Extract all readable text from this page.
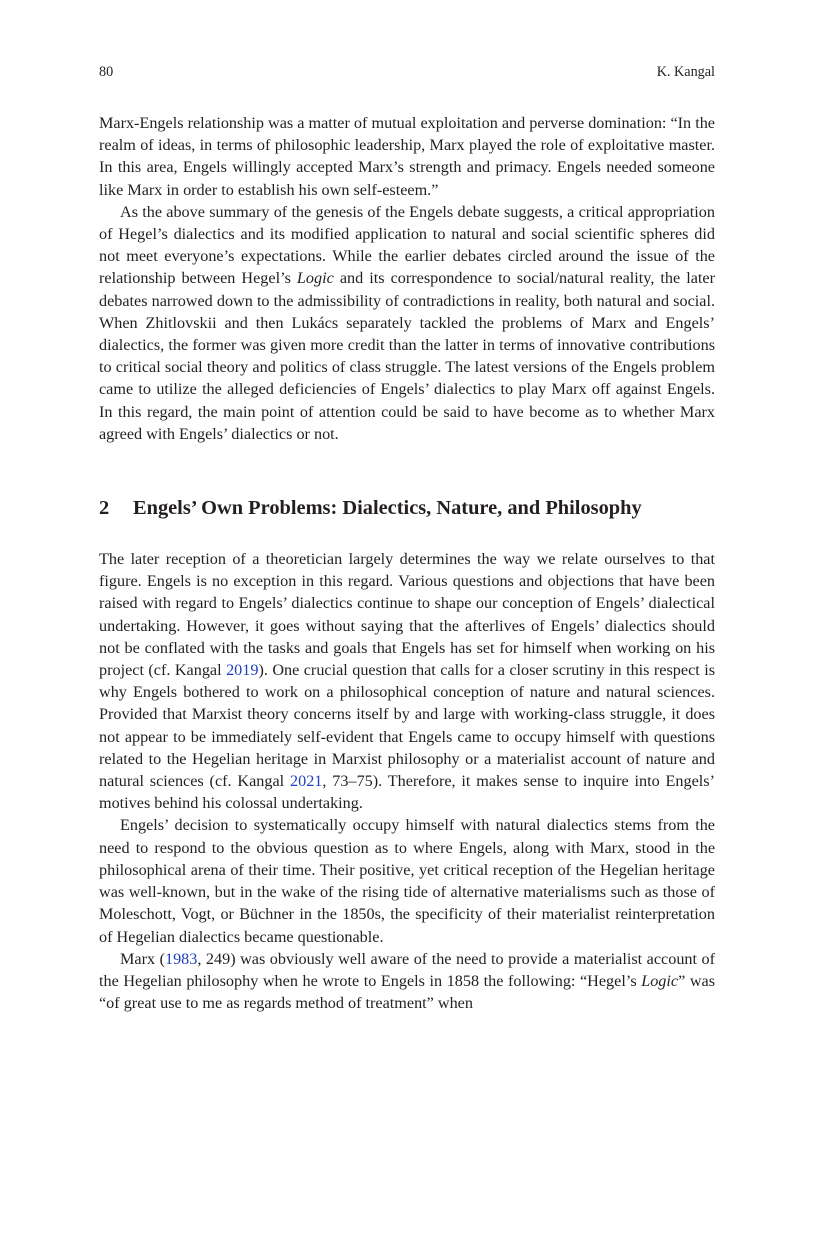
80	K. Kangal

Marx-Engels relationship was a matter of mutual exploitation and perverse domination: “In the realm of ideas, in terms of philosophic leadership, Marx played the role of exploitative master. In this area, Engels willingly accepted Marx’s strength and primacy. Engels needed someone like Marx in order to establish his own self-esteem.”

As the above summary of the genesis of the Engels debate suggests, a critical appropriation of Hegel’s dialectics and its modified application to natural and social scientific spheres did not meet everyone’s expectations. While the earlier debates circled around the issue of the relationship between Hegel’s Logic and its correspondence to social/natural reality, the later debates narrowed down to the admissibility of contradictions in reality, both natural and social. When Zhitlovskii and then Lukács separately tackled the problems of Marx and Engels’ dialectics, the former was given more credit than the latter in terms of innovative contributions to critical social theory and politics of class struggle. The latest versions of the Engels problem came to utilize the alleged deficiencies of Engels’ dialectics to play Marx off against Engels. In this regard, the main point of attention could be said to have become as to whether Marx agreed with Engels’ dialectics or not.

2	Engels’ Own Problems: Dialectics, Nature, and Philosophy

The later reception of a theoretician largely determines the way we relate ourselves to that figure. Engels is no exception in this regard. Various questions and objections that have been raised with regard to Engels’ dialectics continue to shape our conception of Engels’ dialectical undertaking. However, it goes without saying that the afterlives of Engels’ dialectics should not be conflated with the tasks and goals that Engels has set for himself when working on his project (cf. Kangal 2019). One crucial question that calls for a closer scrutiny in this respect is why Engels bothered to work on a philosophical conception of nature and natural sciences. Provided that Marxist theory concerns itself by and large with working-class struggle, it does not appear to be immediately self-evident that Engels came to occupy himself with questions related to the Hegelian heritage in Marxist philosophy or a materialist account of nature and natural sciences (cf. Kangal 2021, 73–75). Therefore, it makes sense to inquire into Engels’ motives behind his colossal undertaking.

Engels’ decision to systematically occupy himself with natural dialectics stems from the need to respond to the obvious question as to where Engels, along with Marx, stood in the philosophical arena of their time. Their positive, yet critical reception of the Hegelian heritage was well-known, but in the wake of the rising tide of alternative materialisms such as those of Moleschott, Vogt, or Büchner in the 1850s, the specificity of their materialist reinterpretation of Hegelian dialectics became questionable.

Marx (1983, 249) was obviously well aware of the need to provide a materialist account of the Hegelian philosophy when he wrote to Engels in 1858 the following: “Hegel’s Logic” was “of great use to me as regards method of treatment” when
